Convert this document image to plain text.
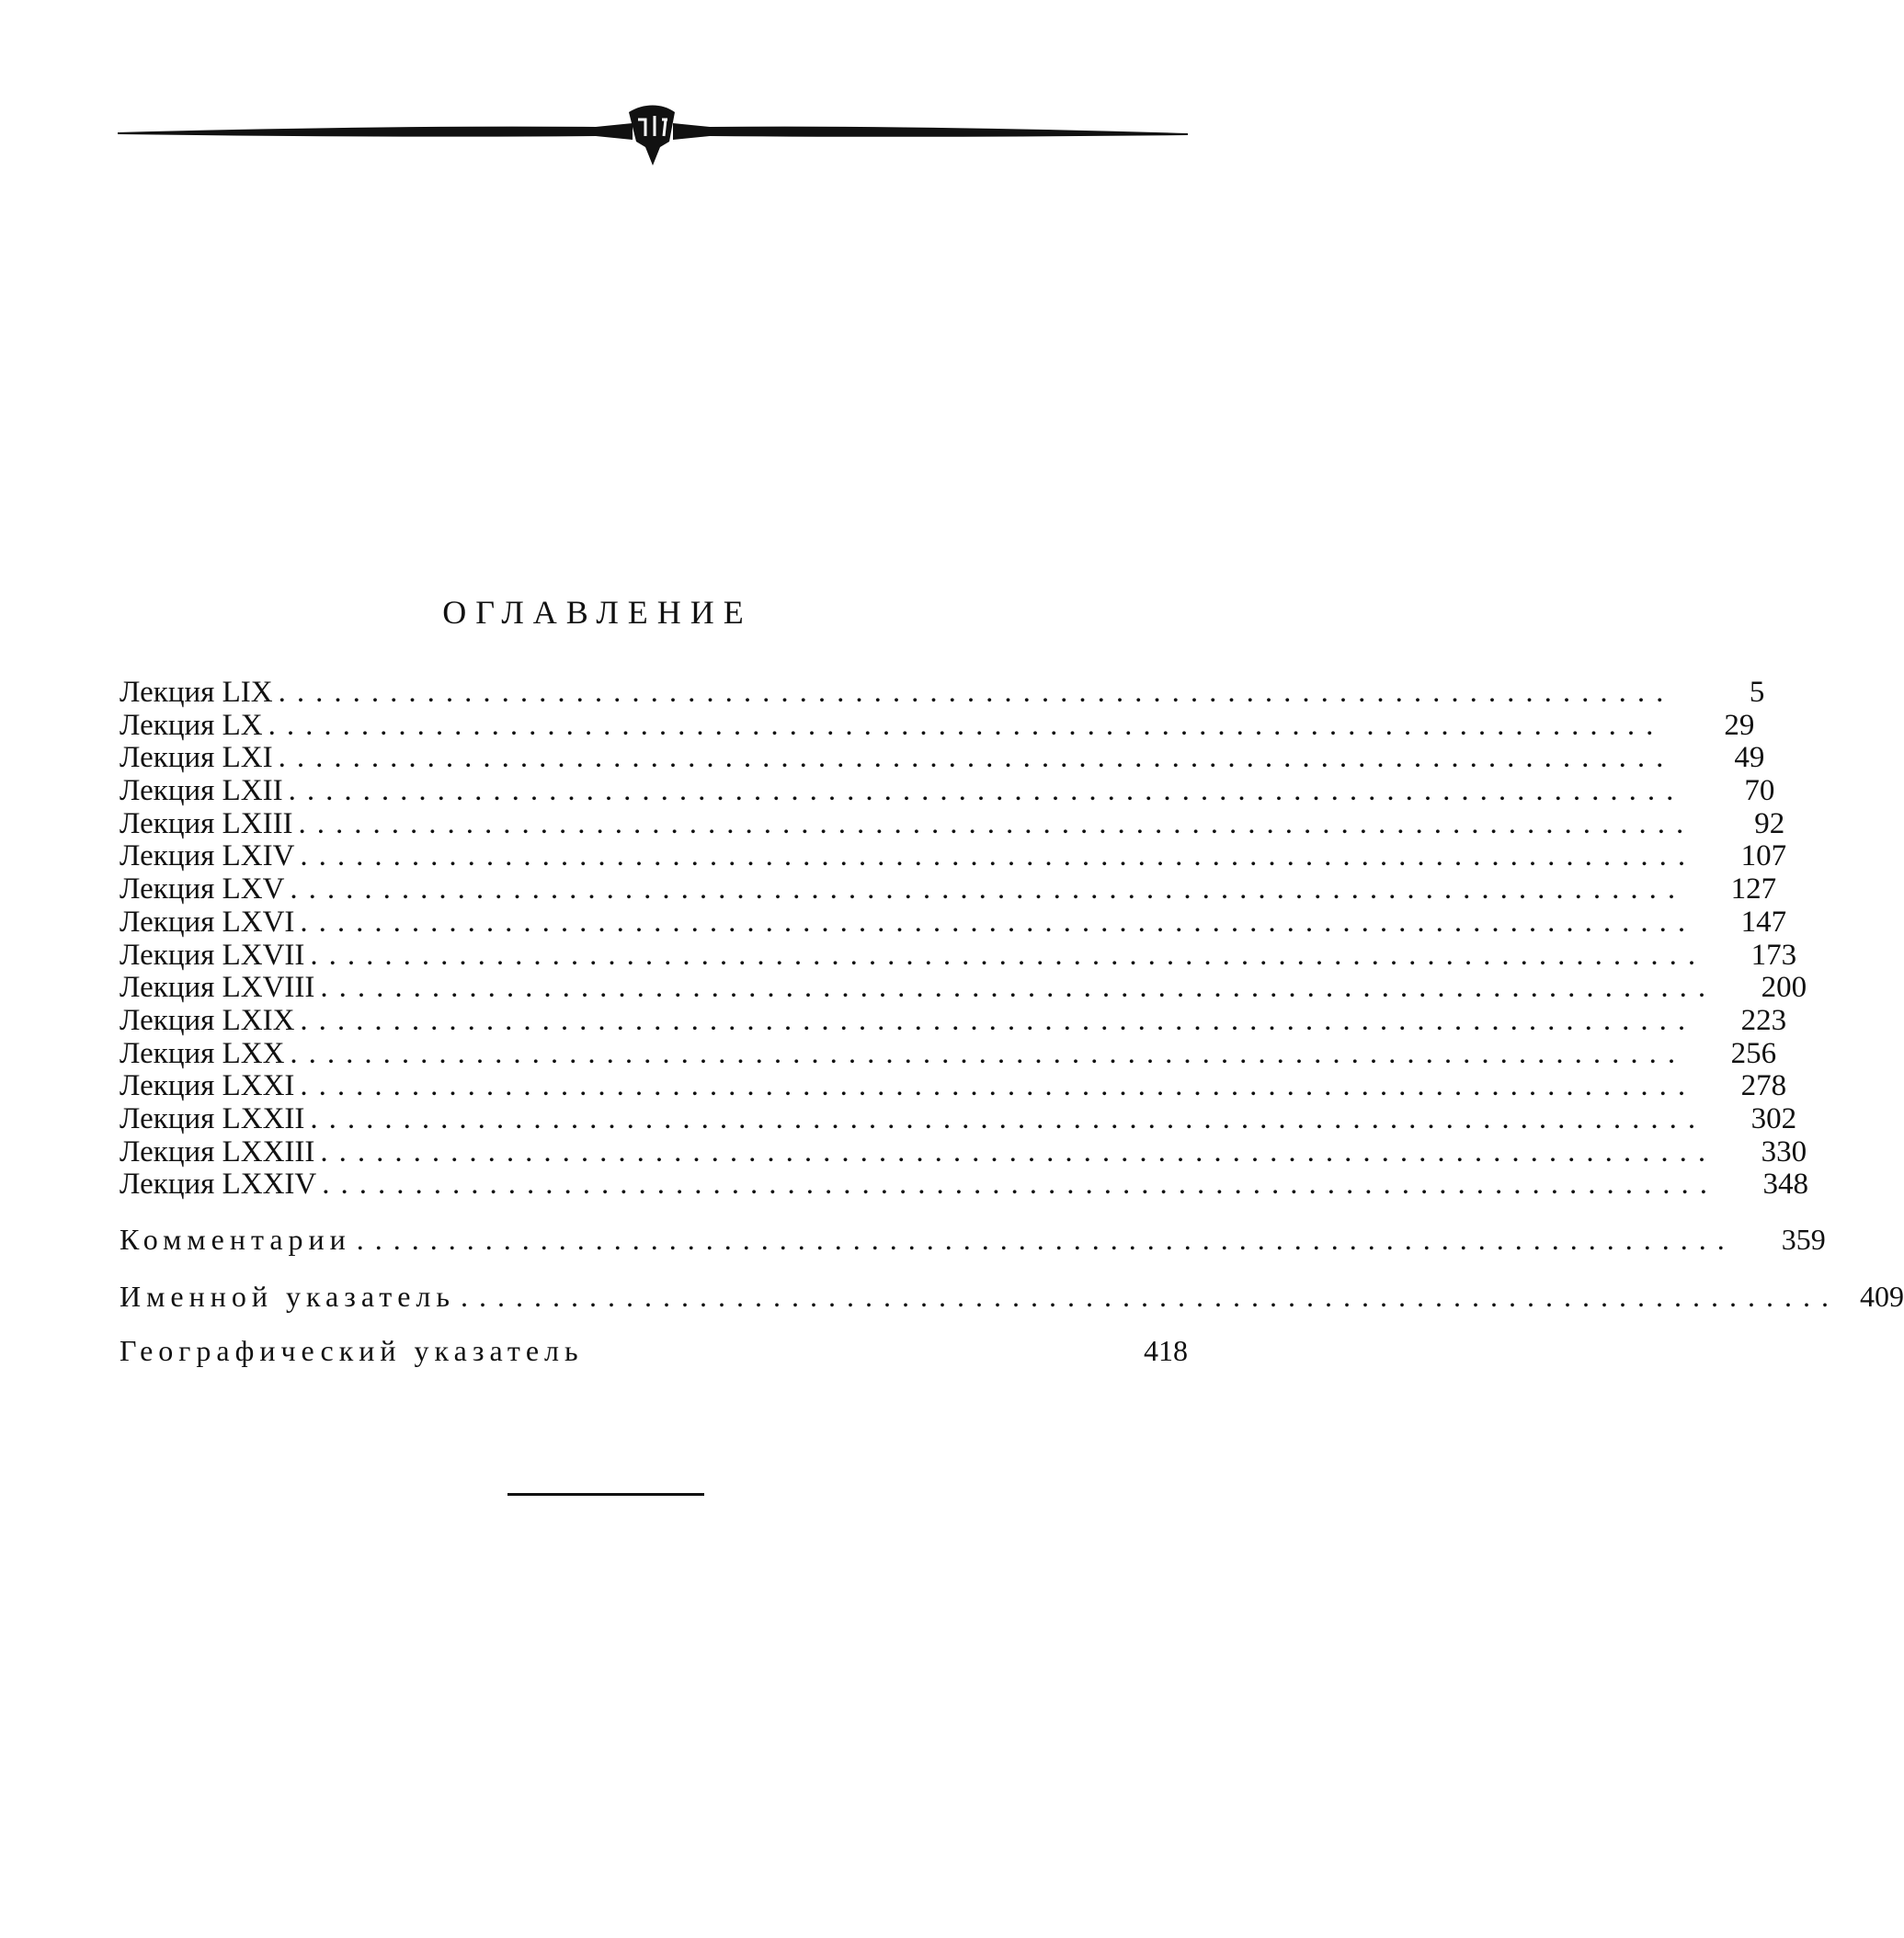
ОГЛАВЛЕНИЕ
Лекция LIX ...........................................................................	5
Лекция LX ...........................................................................	29
Лекция LXI ...........................................................................	49
Лекция LXII ...........................................................................	70
Лекция LXIII ...........................................................................	92
Лекция LXIV ...........................................................................	107
Лекция LXV ...........................................................................	127
Лекция LXVI ...........................................................................	147
Лекция LXVII ...........................................................................	173
Лекция LXVIII ...........................................................................	200
Лекция LXIX ...........................................................................	223
Лекция LXX ...........................................................................	256
Лекция LXXI ...........................................................................	278
Лекция LXXII ...........................................................................	302
Лекция LXXIII ...........................................................................	330
Лекция LXXIV ...........................................................................	348
Комментарии ...........................................................................	359
Именной указатель ........................................................................... 409
Географический указатель	418
